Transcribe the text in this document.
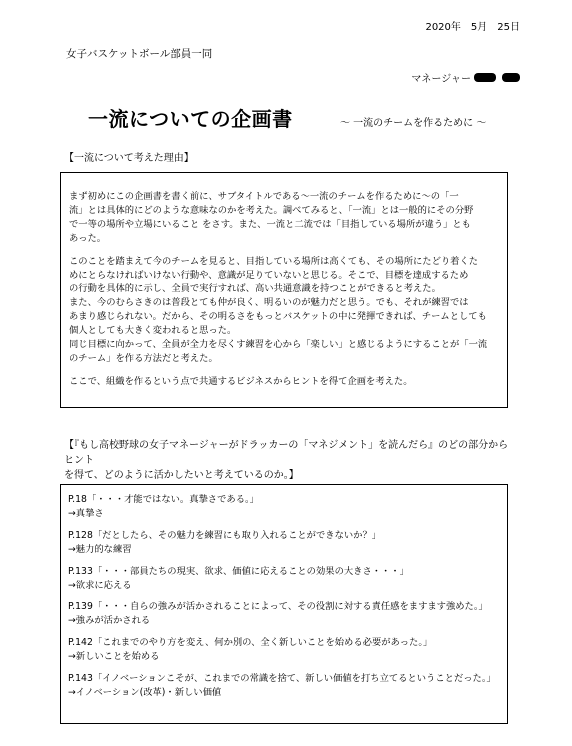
2020年　5月　25日
女子バスケットボール部員一同
マネージャー
一流についての企画書	～ 一流のチームを作るために ～
【一流について考えた理由】

まず初めにこの企画書を書く前に、サブタイトルである～一流のチームを作るために～の「一
流」とは具体的にどのような意味なのかを考えた。調べてみると、「一流」とは一般的にその分野
で一等の場所や立場にいること をさす。また、一流と二流では「目指している場所が違う」とも
あった。

このことを踏まえて今のチームを見ると、目指している場所は高くても、その場所にたどり着くた
めにとらなければいけない行動や、意識が足りていないと思じる。そこで、目標を達成するため
の行動を具体的に示し、全員で実行すれば、高い共通意識を持つことができると考えた。
また、今のむらさきのは普段とても仲が良く、明るいのが魅力だと思う。でも、それが練習では
あまり感じられない。だから、その明るさをもっとバスケットの中に発揮できれば、チームとしても
個人としても大きく変われると思った。
同じ目標に向かって、全員が全力を尽くす練習を心から「楽しい」と感じるようにすることが「一流
のチーム」を作る方法だと考えた。

ここで、組織を作るという点で共通するビジネスからヒントを得て企画を考えた。

【『もし高校野球の女子マネージャーがドラッカーの「マネジメント」を読んだら』のどの部分からヒント
を得て、どのように活かしたいと考えているのか。】
P.18「・・・才能ではない。真摯さである。」
→真摯さ
P.128「だとしたら、その魅力を練習にも取り入れることができないか？」
→魅力的な練習
P.133「・・・部員たちの現実、欲求、価値に応えることの効果の大きさ・・・」
→欲求に応える
P.139「・・・自らの強みが活かされることによって、その役割に対する責任感をますます強めた。」
→強みが活かされる
P.142「これまでのやり方を変え、何か別の、全く新しいことを始める必要があった。」
→新しいことを始める
P.143「イノベーションこそが、これまでの常識を捨て、新しい価値を打ち立てるということだった。」
→イノベーション(改革)・新しい価値
